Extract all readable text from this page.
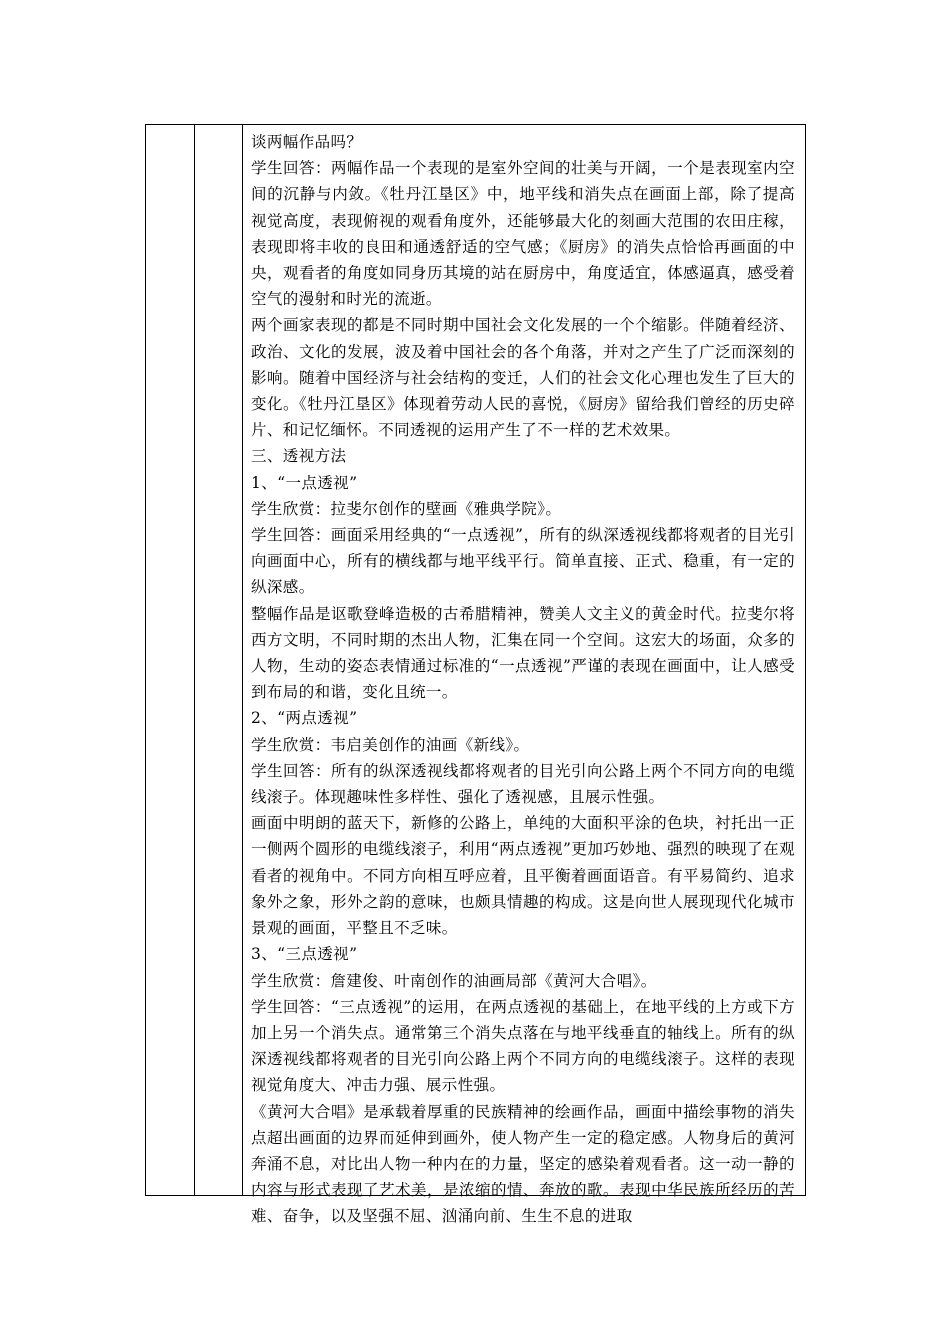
谈两幅作品吗？

学生回答：两幅作品一个表现的是室外空间的壮美与开阔，一个是表现室内空间的沉静与内敛。《牡丹江垦区》中，地平线和消失点在画面上部，除了提高视觉高度，表现俯视的观看角度外，还能够最大化的刻画大范围的农田庄稼，表现即将丰收的良田和通透舒适的空气感；《厨房》的消失点恰恰再画面的中央，观看者的角度如同身历其境的站在厨房中，角度适宜，体感逼真，感受着空气的漫射和时光的流逝。

两个画家表现的都是不同时期中国社会文化发展的一个个缩影。伴随着经济、政治、文化的发展，波及着中国社会的各个角落，并对之产生了广泛而深刻的影响。随着中国经济与社会结构的变迁，人们的社会文化心理也发生了巨大的变化。《牡丹江垦区》体现着劳动人民的喜悦，《厨房》留给我们曾经的历史碎片、和记忆缅怀。不同透视的运用产生了不一样的艺术效果。

三、透视方法

1、“一点透视”

学生欣赏：拉斐尔创作的壁画《雅典学院》。

学生回答：画面采用经典的“一点透视”，所有的纵深透视线都将观者的目光引向画面中心，所有的横线都与地平线平行。简单直接、正式、稳重，有一定的纵深感。

整幅作品是讴歌登峰造极的古希腊精神，赞美人文主义的黄金时代。拉斐尔将西方文明，不同时期的杰出人物，汇集在同一个空间。这宏大的场面，众多的人物，生动的姿态表情通过标准的“一点透视”严谨的表现在画面中，让人感受到布局的和谐，变化且统一。

2、“两点透视”

学生欣赏：韦启美创作的油画《新线》。

学生回答：所有的纵深透视线都将观者的目光引向公路上两个不同方向的电缆线滚子。体现趣味性多样性、强化了透视感，且展示性强。

画面中明朗的蓝天下，新修的公路上，单纯的大面积平涂的色块，衬托出一正一侧两个圆形的电缆线滚子，利用“两点透视”更加巧妙地、强烈的映现了在观看者的视角中。不同方向相互呼应着，且平衡着画面语音。有平易简约、追求象外之象，形外之韵的意味，也颇具情趣的构成。这是向世人展现现代化城市景观的画面，平整且不乏味。

3、“三点透视”

学生欣赏：詹建俊、叶南创作的油画局部《黄河大合唱》。

学生回答：“三点透视”的运用，在两点透视的基础上，在地平线的上方或下方加上另一个消失点。通常第三个消失点落在与地平线垂直的轴线上。所有的纵深透视线都将观者的目光引向公路上两个不同方向的电缆线滚子。这样的表现视觉角度大、冲击力强、展示性强。

《黄河大合唱》是承载着厚重的民族精神的绘画作品，画面中描绘事物的消失点超出画面的边界而延伸到画外，使人物产生一定的稳定感。人物身后的黄河奔涌不息，对比出人物一种内在的力量，坚定的感染着观看者。这一动一静的内容与形式表现了艺术美，是浓缩的情、奔放的歌。表现中华民族所经历的苦难、奋争，以及坚强不屈、汹涌向前、生生不息的进取
